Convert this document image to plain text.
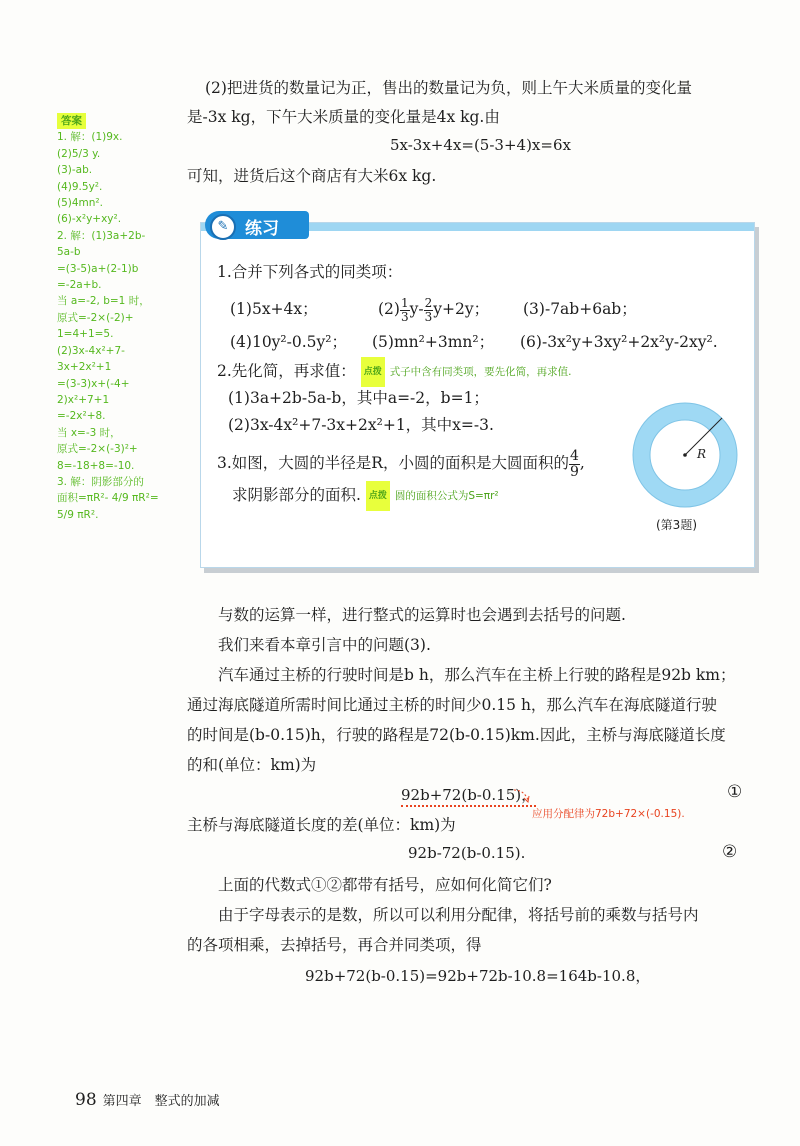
(2)把进货的数量记为正，售出的数量记为负，则上午大米质量的变化量
是-3x kg，下午大米质量的变化量是4x kg.由
5x-3x+4x=(5-3+4)x=6x
可知，进货后这个商店有大米6x kg.
答案
1. 解：(1)9x.
(2)5/3 y.
(3)-ab.
(4)9.5y².
(5)4mn².
(6)-x²y+xy².
2. 解：(1)3a+2b-
5a-b
=(3-5)a+(2-1)b
=-2a+b.
当 a=-2, b=1 时，
原式=-2×(-2)+
1=4+1=5.
(2)3x-4x²+7-
3x+2x²+1
=(3-3)x+(-4+
2)x²+7+1
=-2x²+8.
当 x=-3 时，
原式=-2×(-3)²+
8=-18+8=-10.
3. 解：阴影部分的
面积=πR²- 4/9 πR²=
5/9 πR².
✎ 练习
1.合并下列各式的同类项：
(1)5x+4x；	$(2) \frac{1}{3} y- \frac{2}{3} y+2y$； (3)-7ab+6ab；
(4)10y²-0.5y²； (5)mn²+3mn²； (6)-3x²y+3xy²+2x²y-2xy².
2.先化简，再求值： 点拨 式子中含有同类项，要先化简，再求值.
(1)3a+2b-5a-b，其中a=-2，b=1；
(2)3x-4x²+7-3x+2x²+1，其中x=-3.
3.如图，大圆的半径是R，小圆的面积是大圆面积的 $\frac{4}{9}$ ,
求阴影部分的面积. 点拨 圆的面积公式为S=πr²
R
(第3题)
与数的运算一样，进行整式的运算时也会遇到去括号的问题.
我们来看本章引言中的问题(3).
汽车通过主桥的行驶时间是b h，那么汽车在主桥上行驶的路程是92b km；
通过海底隧道所需时间比通过主桥的时间少0.15 h，那么汽车在海底隧道行驶
的时间是(b-0.15)h，行驶的路程是72(b-0.15)km.因此，主桥与海底隧道长度
的和(单位：km)为
92b+72(b-0.15)，	①
应用分配律为72b+72×(-0.15).
主桥与海底隧道长度的差(单位：km)为
92b-72(b-0.15).	②
上面的代数式①②都带有括号，应如何化简它们?
由于字母表示的是数，所以可以利用分配律，将括号前的乘数与括号内
的各项相乘，去掉括号，再合并同类项，得
92b+72(b-0.15)=92b+72b-10.8=164b-10.8，
98 第四章　整式的加减
